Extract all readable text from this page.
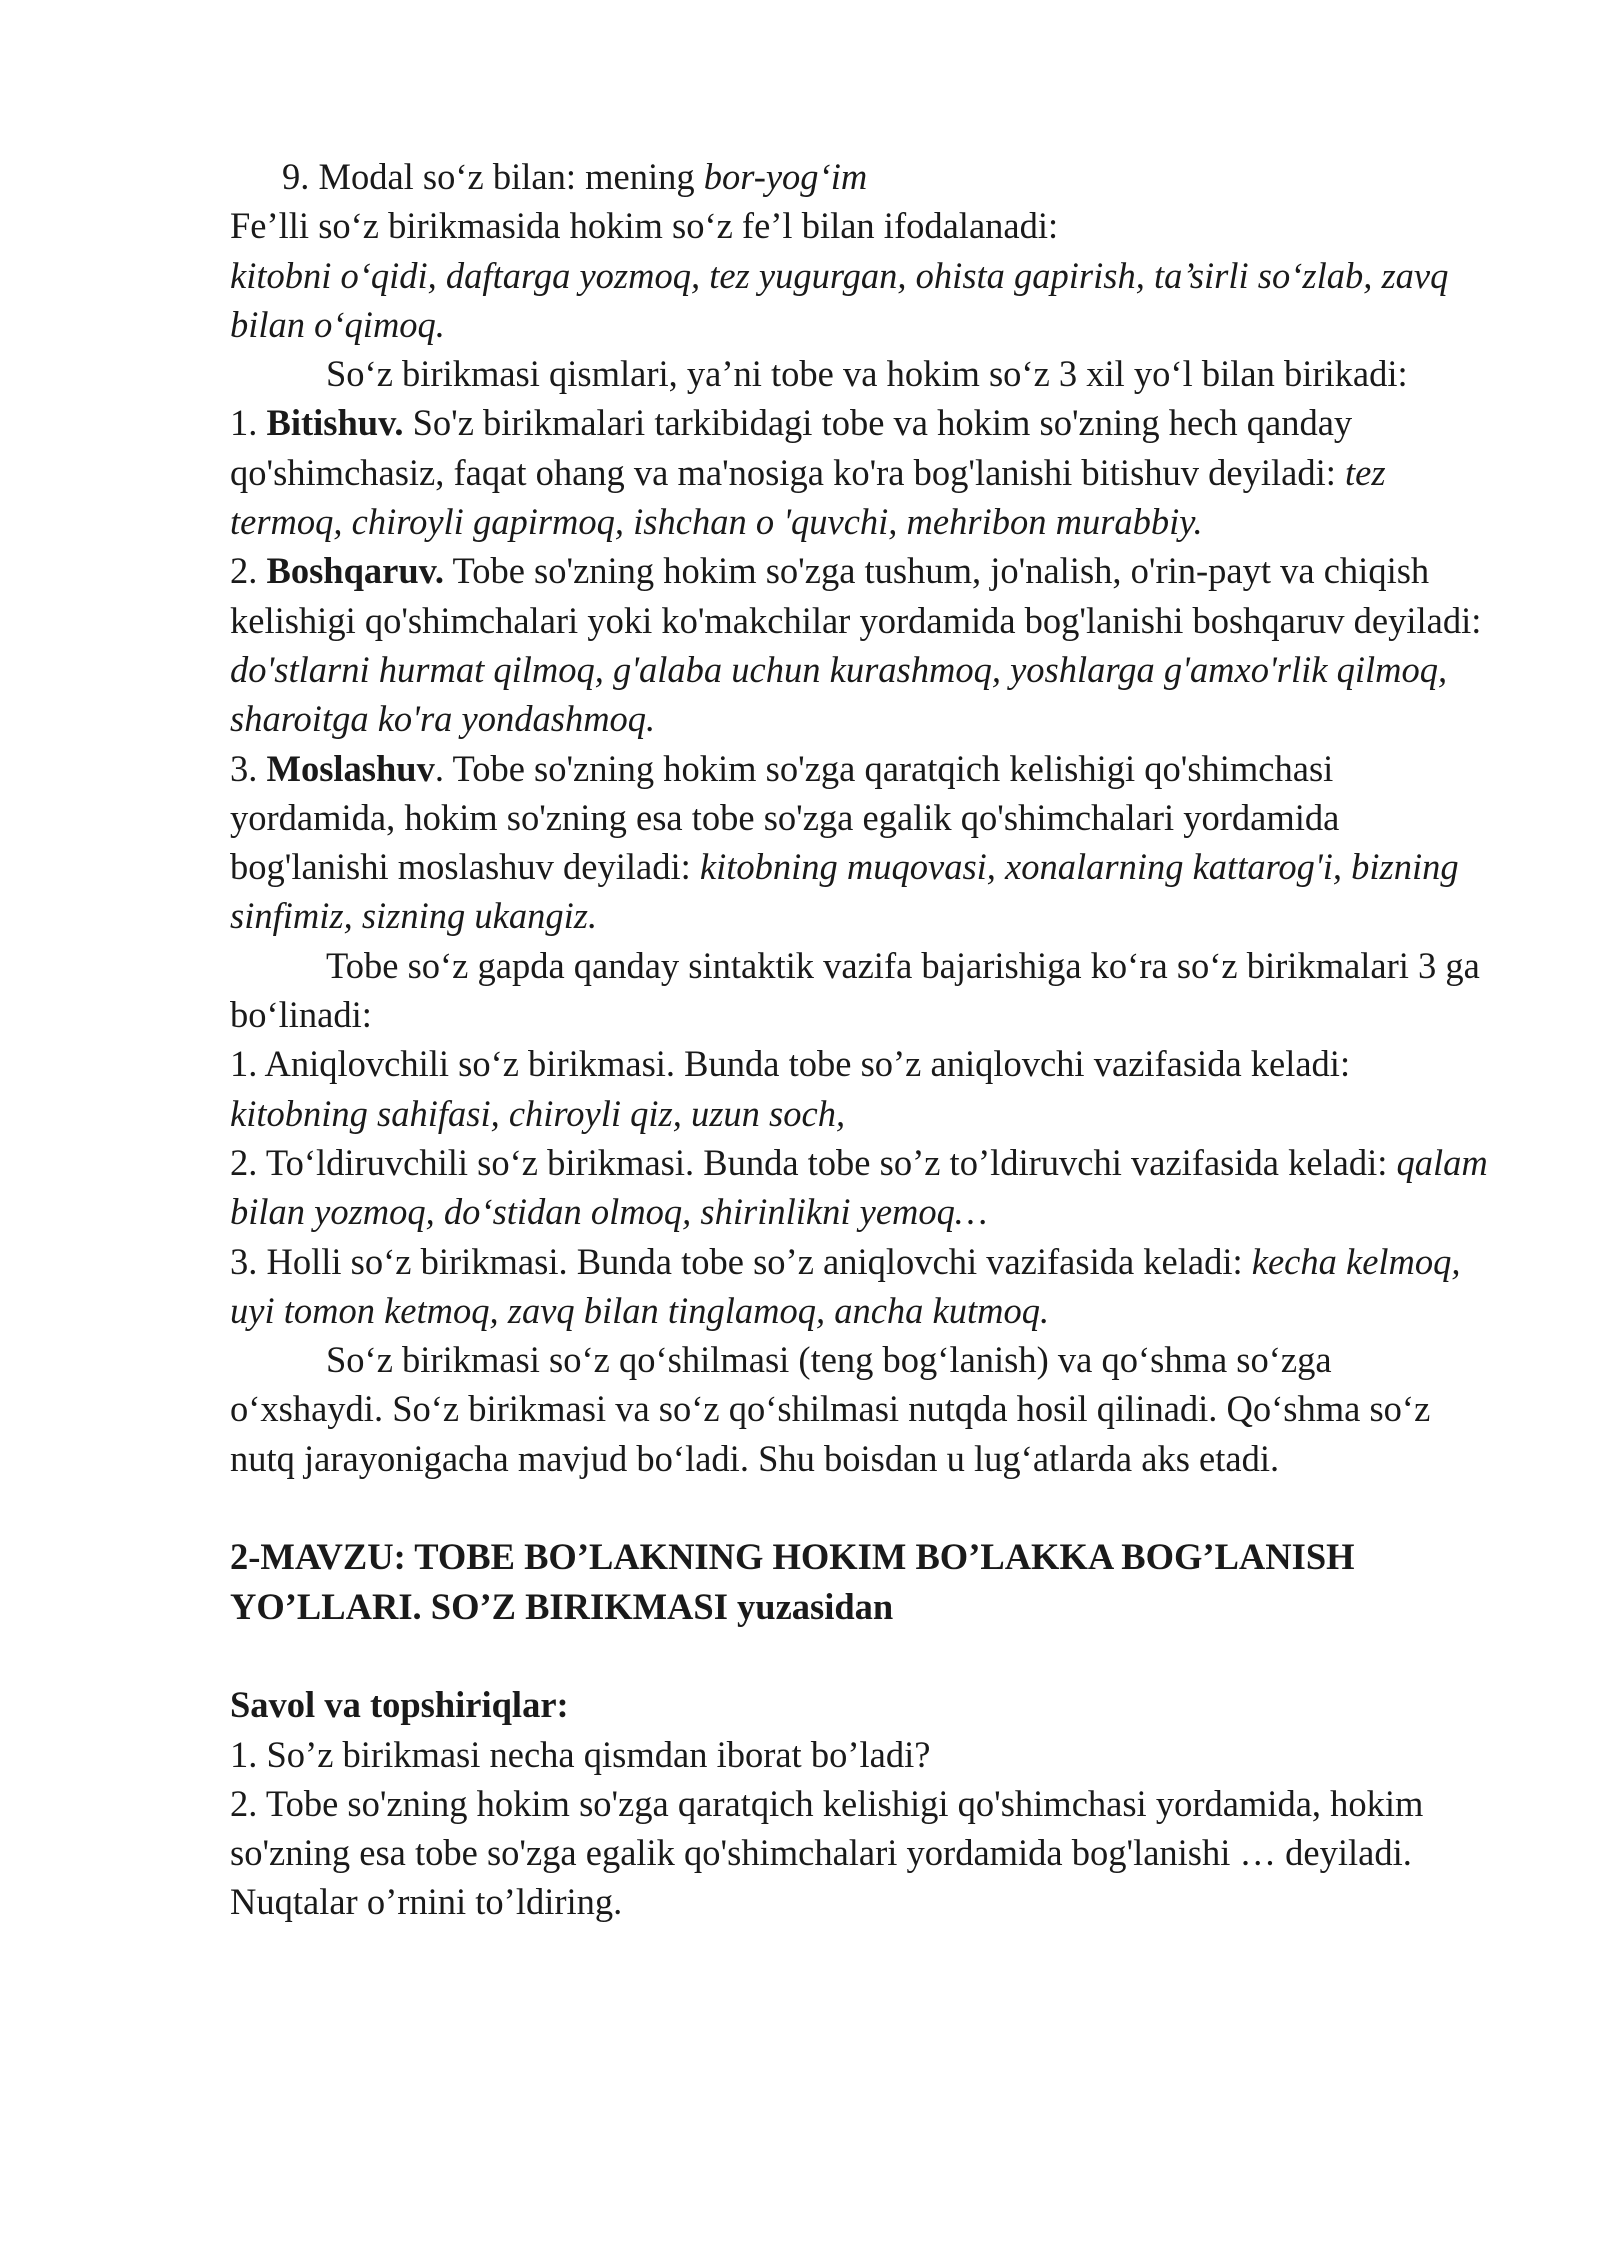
9. Modal so‘z bilan: mening bor-yog‘im

Fe’lli so‘z birikmasida hokim so‘z fe’l bilan ifodalanadi:

kitobni o‘qidi, daftarga yozmoq, tez yugurgan, ohista gapirish, ta’sirli so‘zlab, zavq bilan o‘qimoq.

So‘z birikmasi qismlari, ya’ni tobe va hokim so‘z 3 xil yo‘l bilan birikadi:

1. Bitishuv. So'z birikmalari tarkibidagi tobe va hokim so'zning hech qanday qo'shimchasiz, faqat ohang va ma'nosiga ko'ra bog'lanishi bitishuv deyiladi: tez termoq, chiroyli gapirmoq, ishchan o 'quvchi, mehribon murabbiy.

2. Boshqaruv. Tobe so'zning hokim so'zga tushum, jo'nalish, o'rin-payt va chiqish kelishigi qo'shimchalari yoki ko'makchilar yordamida bog'lanishi boshqaruv deyiladi: do'stlarni hurmat qilmoq, g'alaba uchun kurashmoq, yoshlarga g'amxo'rlik qilmoq, sharoitga ko'ra yondashmoq.

3. Moslashuv. Tobe so'zning hokim so'zga qaratqich kelishigi qo'shimchasi yordamida, hokim so'zning esa tobe so'zga egalik qo'shimchalari yordamida bog'lanishi moslashuv deyiladi: kitobning muqovasi, xonalarning kattarog'i, bizning sinfimiz, sizning ukangiz.

Tobe so‘z gapda qanday sintaktik vazifa bajarishiga ko‘ra so‘z birikmalari 3 ga bo‘linadi:

1. Aniqlovchili so‘z birikmasi. Bunda tobe so’z aniqlovchi vazifasida keladi: kitobning sahifasi, chiroyli qiz, uzun soch,

2. To‘ldiruvchili so‘z birikmasi. Bunda tobe so’z to’ldiruvchi vazifasida keladi: qalam bilan yozmoq, do‘stidan olmoq, shirinlikni yemoq…

3. Holli so‘z birikmasi. Bunda tobe so’z aniqlovchi vazifasida keladi: kecha kelmoq, uyi tomon ketmoq, zavq bilan tinglamoq, ancha kutmoq.

So‘z birikmasi so‘z qo‘shilmasi (teng bog‘lanish) va qo‘shma so‘zga o‘xshaydi. So‘z birikmasi va so‘z qo‘shilmasi nutqda hosil qilinadi. Qo‘shma so‘z nutq jarayonigacha mavjud bo‘ladi. Shu boisdan u lug‘atlarda aks etadi.

2-MAVZU: TOBE BO’LAKNING HOKIM BO’LAKKA BOG’LANISH YO’LLARI. SO’Z BIRIKMASI yuzasidan

Savol va topshiriqlar:

1. So’z birikmasi necha qismdan iborat bo’ladi?

2. Tobe so'zning hokim so'zga qaratqich kelishigi qo'shimchasi yordamida, hokim so'zning esa tobe so'zga egalik qo'shimchalari yordamida bog'lanishi … deyiladi. Nuqtalar o’rnini to’ldiring.
